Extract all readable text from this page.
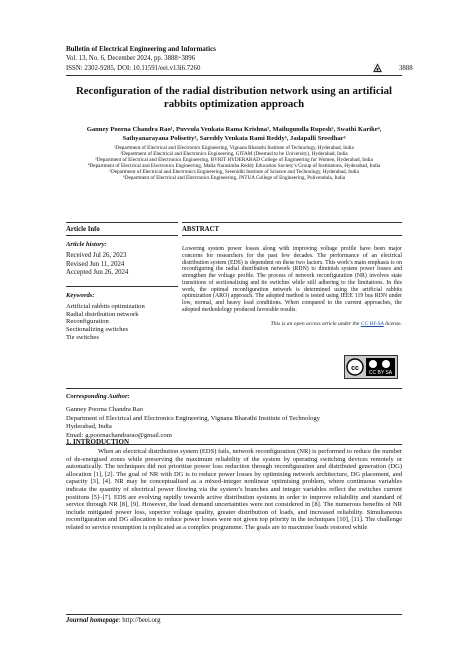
Bulletin of Electrical Engineering and Informatics
Vol. 13, No. 6, December 2024, pp. 3888~3896
ISSN: 2302-9285, DOI: 10.11591/eei.v13i6.7260	3888
Reconfiguration of the radial distribution network using an artificial rabbits optimization approach
Ganney Poorna Chandra Rao¹, Puvvula Venkata Rama Krishna², Mailugundla Rupesh³, Swathi Karike⁴, Sathyanarayana Polisetty³, Sareddy Venkata Rami Reddy⁵, Jadapalli Sreedhar²
¹Department of Electrical and Electronics Engineering, Vignana Bharathi Institute of Technology, Hyderabad, India
²Department of Electrical and Electronics Engineering, GITAM (Deemed to be University), Hyderabad, India
³Department of Electrical and Electronics Engineering, BVRIT HYDERABAD College of Engineering for Women, Hyderabad, India
⁴Department of Electrical and Electronics Engineering, Malla Narasimha Reddy Education Society’s Group of Institutions, Hyderabad, India
⁵Department of Electrical and Electronics Engineering, Sreenidhi Institute of Science and Technology, Hyderabad, India
⁶Department of Electrical and Electronics Engineering, JNTUA College of Engineering, Pulivendula, India
Article Info
Article history:
Received Jul 26, 2023
Revised Jun 11, 2024
Accepted Jun 26, 2024
Keywords:
Artificial rabbits optimization
Radial distribution network
Reconfiguration
Sectionalizing switches
Tie switches
ABSTRACT
Lowering system power losses along with improving voltage profile have been major concerns for researchers for the past few decades. The performance of an electrical distribution system (EDS) is dependent on these two factors. This work’s main emphasis is on reconfiguring the radial distribution network (RDN) to diminish system power losses and strengthen the voltage profile. The process of network reconfiguration (NR) involves state transitions of sectionalizing and tie switches while still adhering to the limitations. In this work, the optimal reconfiguration network is determined using the artificial rabbits optimization (ARO) approach. The adopted method is tested using IEEE 119 bus RDN under low, normal, and heavy load conditions. When compared to the current approaches, the adopted methodology produced favorable results.
This is an open access article under the CC BY-SA license.
cc
CC BY SA
Corresponding Author:
Ganney Poorna Chandra Rao
Department of Electrical and Electronics Engineering, Vignana Bharathi Institute of Technology
Hyderabad, India
Email: g.poornachandrarao@gmail.com
1. INTRODUCTION
When an electrical distribution system (EDS) fails, network reconfiguration (NR) is performed to reduce the number of de-energised zones while preserving the maximum reliability of the system by operating switching devices remotely or automatically. The techniques did not prioritise power loss reduction through reconfiguration and distributed generation (DG) allocation [1], [2]. The goal of NR with DG is to reduce power losses by optimising network architecture, DG placement, and capacity [3], [4]. NR may be conceptualised as a mixed-integer nonlinear optimising problem, where continuous variables indicate the quantity of electrical power flowing via the system’s branches and integer variables reflect the switches current positions [5]–[7]. EDS are evolving rapidly towards active distribution systems in order to improve reliability and standard of service through NR [8], [9]. However, the load demand uncertainties were not considered in [8]. The numerous benefits of NR include mitigated power loss, superior voltage quality, greater distribution of loads, and increased reliability. Simultaneous reconfiguration and DG allocation to reduce power losses were not given top priority in the techniques [10], [11]. The challenge related to service resumption is replicated as a complex programme. The goals are to maximise loads restored while
Journal homepage: http://beei.org
